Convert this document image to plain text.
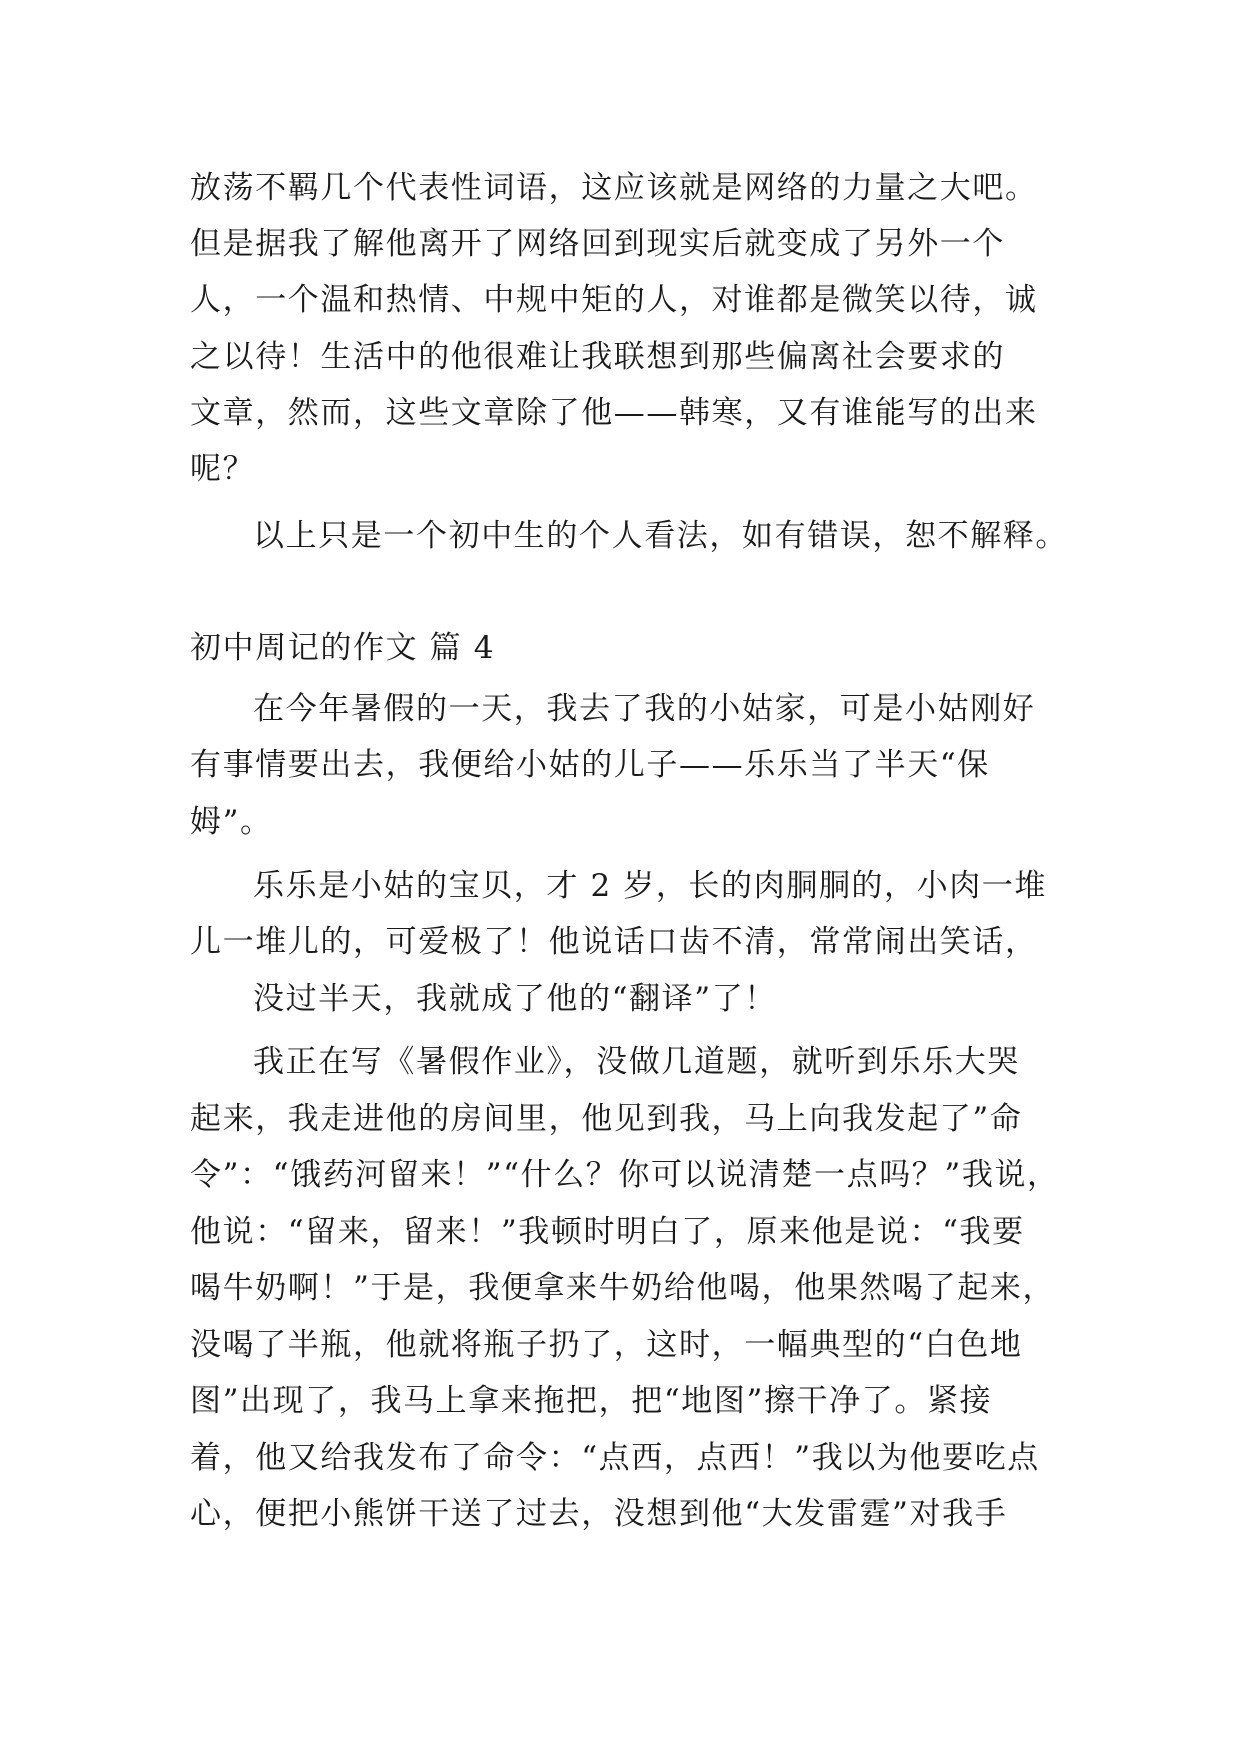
放荡不羁几个代表性词语，这应该就是网络的力量之大吧。
但是据我了解他离开了网络回到现实后就变成了另外一个
人，一个温和热情、中规中矩的人，对谁都是微笑以待，诚
之以待！生活中的他很难让我联想到那些偏离社会要求的
文章，然而，这些文章除了他——韩寒，又有谁能写的出来
呢？
以上只是一个初中生的个人看法，如有错误，恕不解释。
初中周记的作文 篇 4
在今年暑假的一天，我去了我的小姑家，可是小姑刚好
有事情要出去，我便给小姑的儿子——乐乐当了半天“保
姆”。
乐乐是小姑的宝贝，才 2 岁，长的肉胴胴的，小肉一堆
儿一堆儿的，可爱极了！他说话口齿不清，常常闹出笑话，
没过半天，我就成了他的“翻译”了！
我正在写《暑假作业》，没做几道题，就听到乐乐大哭
起来，我走进他的房间里，他见到我，马上向我发起了”命
令”：“饿药河留来！”“什么？你可以说清楚一点吗？”我说，
他说：“留来，留来！”我顿时明白了，原来他是说：“我要
喝牛奶啊！”于是，我便拿来牛奶给他喝，他果然喝了起来，
没喝了半瓶，他就将瓶子扔了，这时，一幅典型的“白色地
图”出现了，我马上拿来拖把，把“地图”擦干净了。紧接
着，他又给我发布了命令：“点西，点西！”我以为他要吃点
心，便把小熊饼干送了过去，没想到他“大发雷霆”对我手
